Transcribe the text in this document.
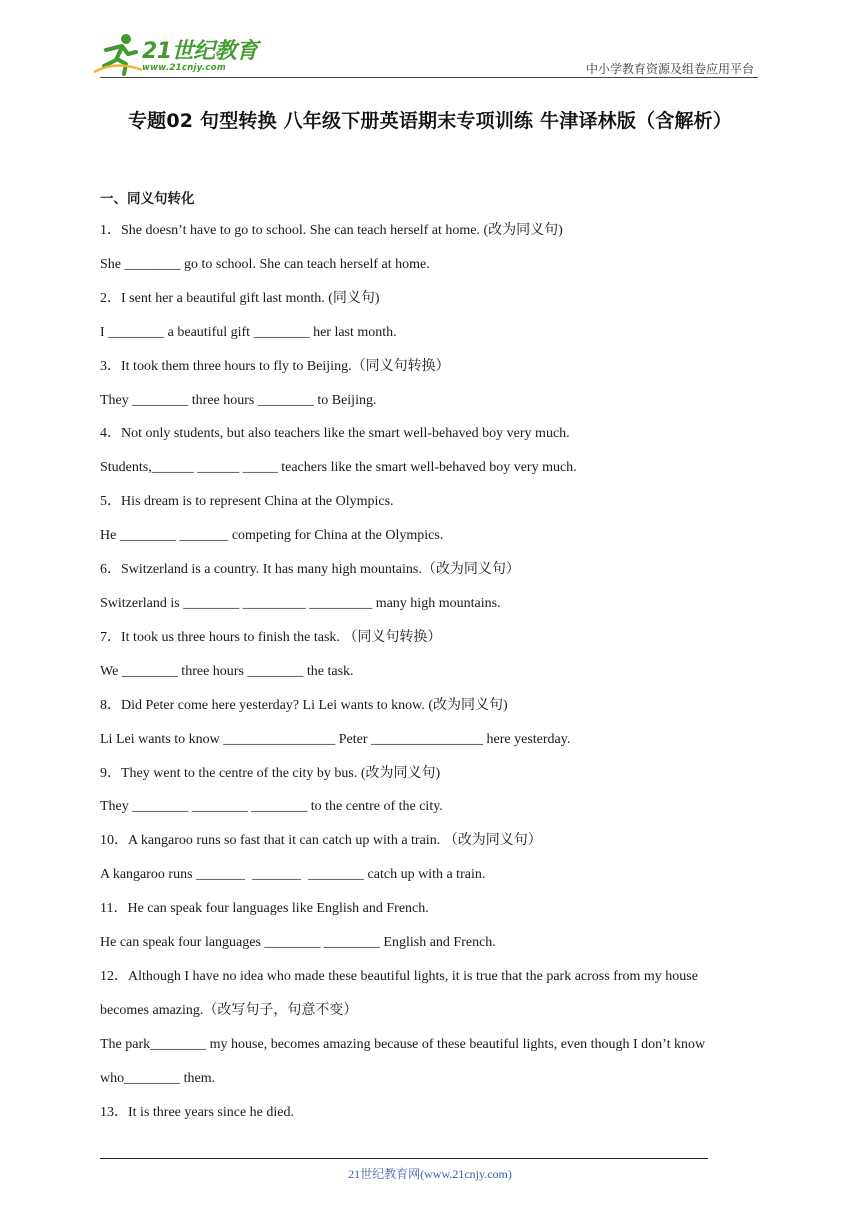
21世纪教育
www.21cnjy.com	中小学教育资源及组卷应用平台
专题02 句型转换 八年级下册英语期末专项训练 牛津译林版（含解析）
一、同义句转化
1．She doesn’t have to go to school. She can teach herself at home. (改为同义句)
She ________ go to school. She can teach herself at home.
2．I sent her a beautiful gift last month. (同义句)
I ________ a beautiful gift ________ her last month.
3．It took them three hours to fly to Beijing.（同义句转换）
They ________ three hours ________ to Beijing.
4．Not only students, but also teachers like the smart well-behaved boy very much.
Students,______ ______ _____ teachers like the smart well-behaved boy very much.
5．His dream is to represent China at the Olympics.
He ________ _______ competing for China at the Olympics.
6．Switzerland is a country. It has many high mountains.（改为同义句）
Switzerland is ________ _________ _________ many high mountains.
7．It took us three hours to finish the task. （同义句转换）
We ________ three hours ________ the task.
8．Did Peter come here yesterday? Li Lei wants to know. (改为同义句)
Li Lei wants to know ________________ Peter ________________ here yesterday.
9．They went to the centre of the city by bus. (改为同义句)
They ________ ________ ________ to the centre of the city.
10．A kangaroo runs so fast that it can catch up with a train. （改为同义句）
A kangaroo runs _______  _______  ________ catch up with a train.
11．He can speak four languages like English and French.
He can speak four languages ________ ________ English and French.
12．Although I have no idea who made these beautiful lights, it is true that the park across from my house
becomes amazing.（改写句子，句意不变）
The park________ my house, becomes amazing because of these beautiful lights, even though I don’t know
who________ them.
13．It is three years since he died.
21世纪教育网(www.21cnjy.com)
